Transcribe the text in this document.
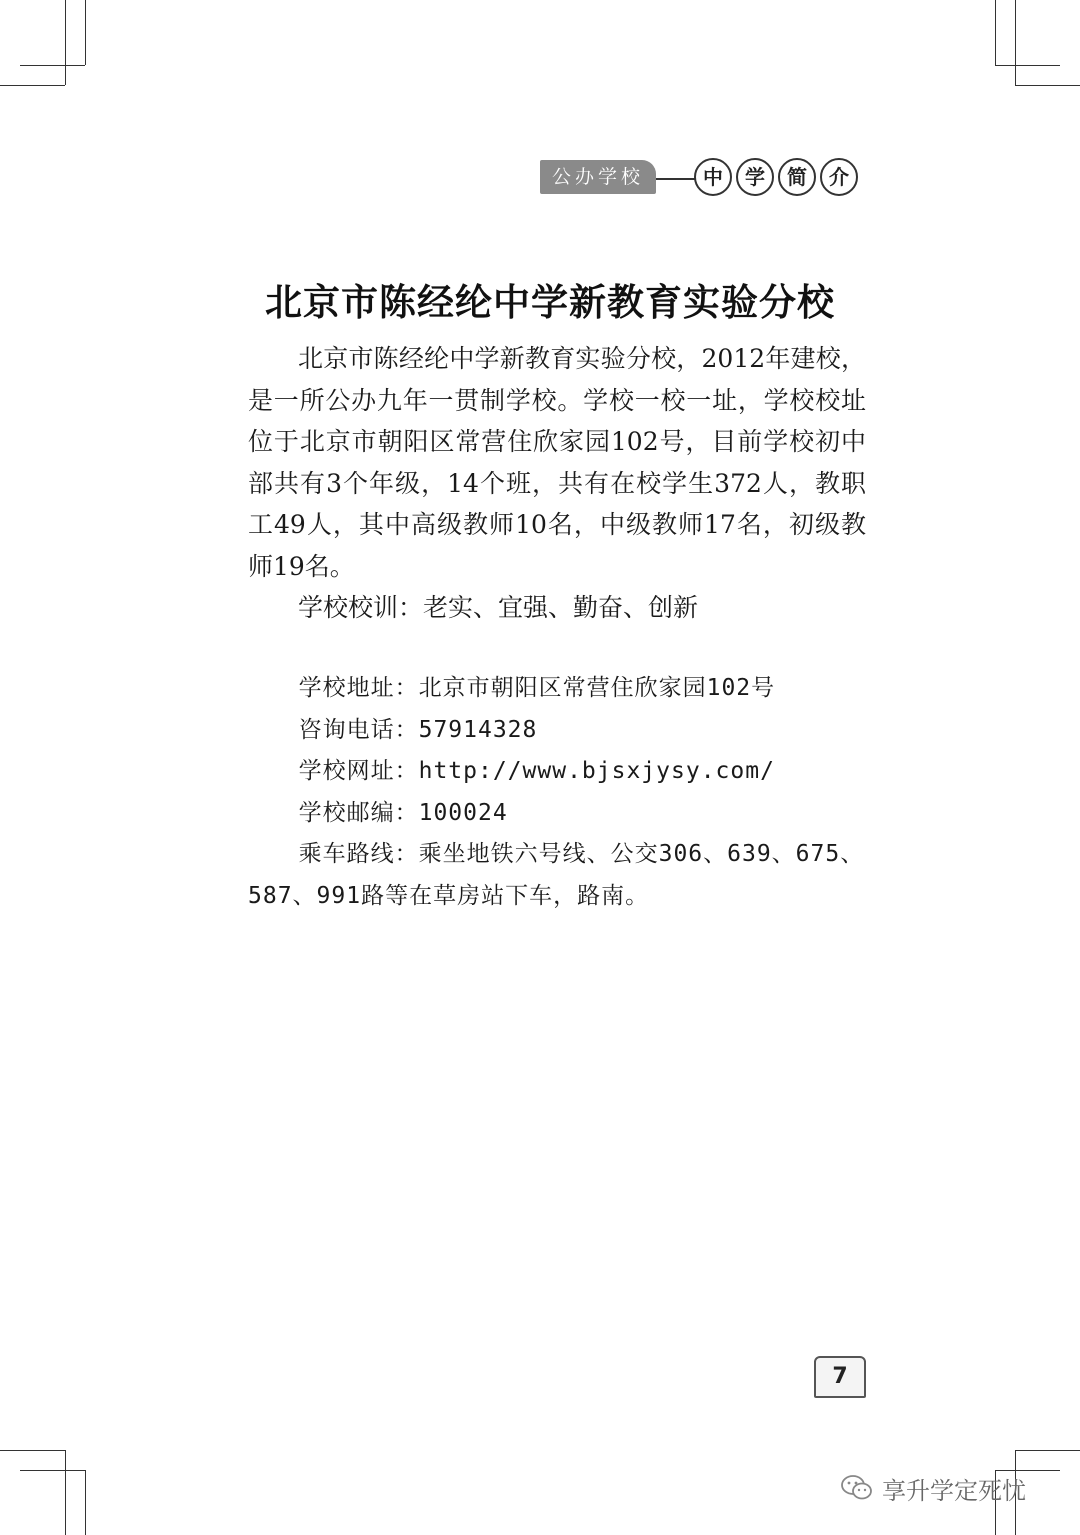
公办学校	中	学	简	介
北京市陈经纶中学新教育实验分校

北京市陈经纶中学新教育实验分校，2012年建校，是一所公办九年一贯制学校。学校一校一址，学校校址位于北京市朝阳区常营住欣家园102号，目前学校初中部共有3个年级，14个班，共有在校学生372人，教职工49人，其中高级教师10名，中级教师17名，初级教师19名。

学校校训：老实、宜强、勤奋、创新

学校地址：北京市朝阳区常营住欣家园102号

咨询电话：57914328

学校网址：http://www.bjsxjysy.com/

学校邮编：100024

乘车路线：乘坐地铁六号线、公交306、639、675、587、991路等在草房站下车，路南。

7
享升学定死忧
